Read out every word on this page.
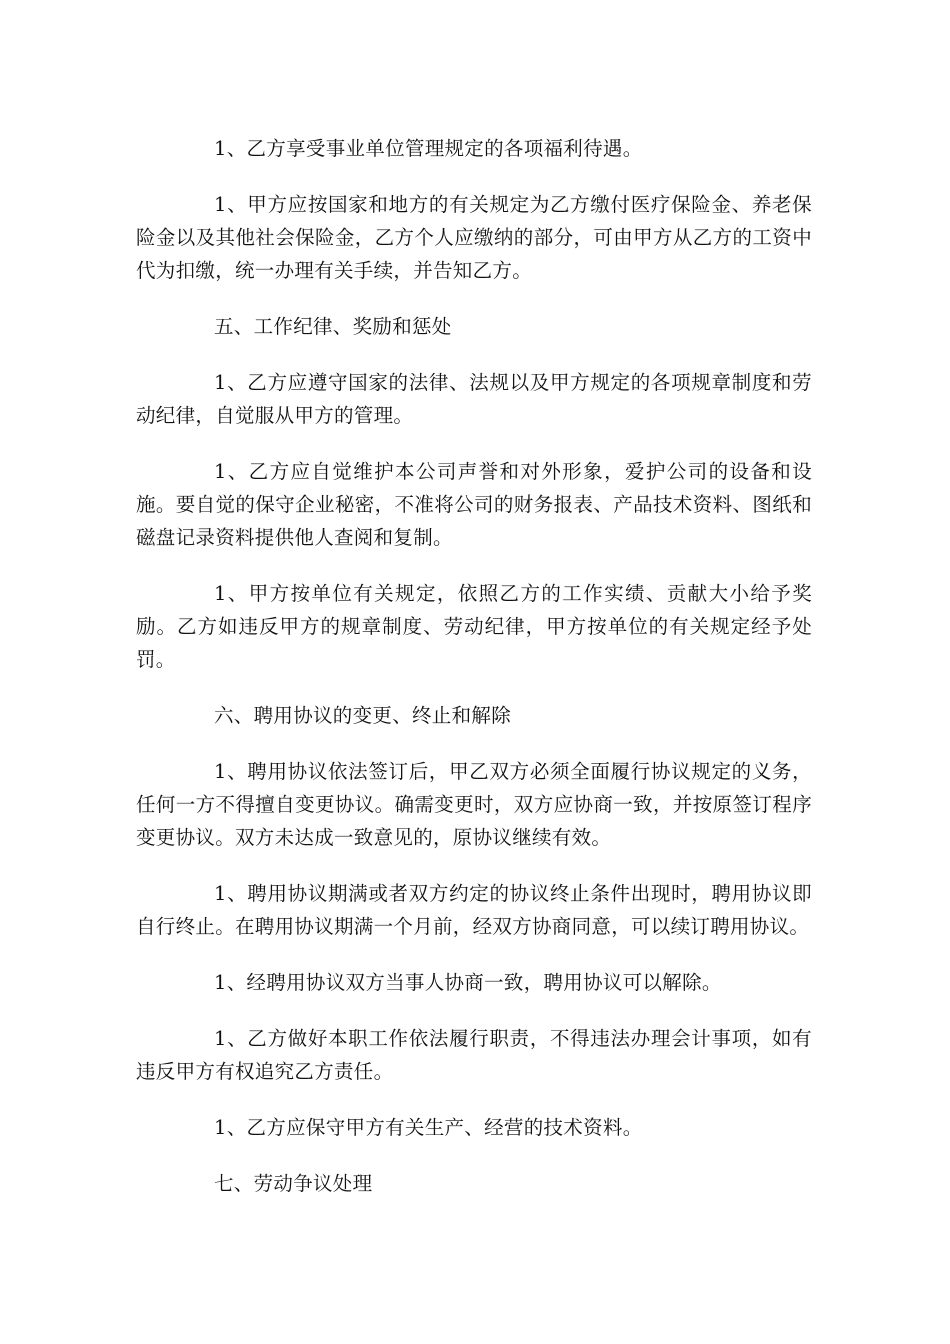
1、乙方享受事业单位管理规定的各项福利待遇。

1、甲方应按国家和地方的有关规定为乙方缴付医疗保险金、养老保险金以及其他社会保险金，乙方个人应缴纳的部分，可由甲方从乙方的工资中代为扣缴，统一办理有关手续，并告知乙方。

五、工作纪律、奖励和惩处

1、乙方应遵守国家的法律、法规以及甲方规定的各项规章制度和劳动纪律，自觉服从甲方的管理。

1、乙方应自觉维护本公司声誉和对外形象，爱护公司的设备和设施。要自觉的保守企业秘密，不准将公司的财务报表、产品技术资料、图纸和磁盘记录资料提供他人查阅和复制。

1、甲方按单位有关规定，依照乙方的工作实绩、贡献大小给予奖励。乙方如违反甲方的规章制度、劳动纪律，甲方按单位的有关规定经予处罚。

六、聘用协议的变更、终止和解除

1、聘用协议依法签订后，甲乙双方必须全面履行协议规定的义务，任何一方不得擅自变更协议。确需变更时，双方应协商一致，并按原签订程序变更协议。双方未达成一致意见的，原协议继续有效。

1、聘用协议期满或者双方约定的协议终止条件出现时，聘用协议即自行终止。在聘用协议期满一个月前，经双方协商同意，可以续订聘用协议。

1、经聘用协议双方当事人协商一致，聘用协议可以解除。

1、乙方做好本职工作依法履行职责，不得违法办理会计事项，如有违反甲方有权追究乙方责任。

1、乙方应保守甲方有关生产、经营的技术资料。

七、劳动争议处理
